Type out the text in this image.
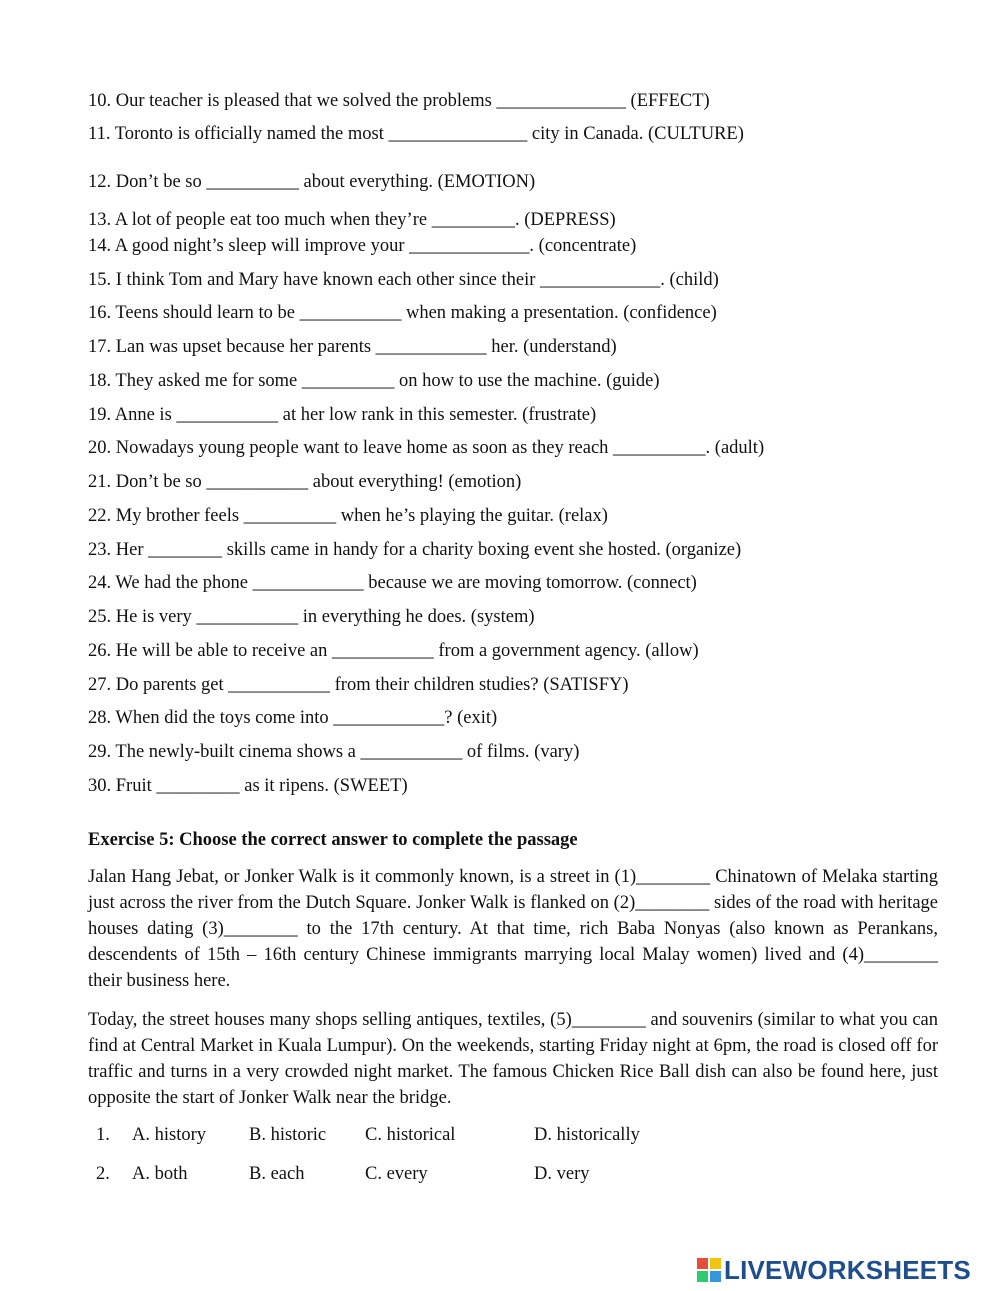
10. Our teacher is pleased that we solved the problems ______________ (EFFECT)
11. Toronto is officially named the most _______________ city in Canada. (CULTURE)
12. Don’t be so __________ about everything. (EMOTION)
13. A lot of people eat too much when they’re _________. (DEPRESS)
14. A good night’s sleep will improve your _____________. (concentrate)
15. I think Tom and Mary have known each other since their _____________. (child)
16. Teens should learn to be ___________ when making a presentation. (confidence)
17. Lan was upset because her parents ____________ her. (understand)
18. They asked me for some __________ on how to use the machine. (guide)
19. Anne is ___________ at her low rank in this semester. (frustrate)
20. Nowadays young people want to leave home as soon as they reach __________. (adult)
21. Don’t be so ___________ about everything! (emotion)
22. My brother feels __________ when he’s playing the guitar. (relax)
23. Her ________ skills came in handy for a charity boxing event she hosted. (organize)
24. We had the phone ____________ because we are moving tomorrow. (connect)
25. He is very ___________ in everything he does. (system)
26. He will be able to receive an ___________ from a government agency. (allow)
27. Do parents get ___________ from their children studies? (SATISFY)
28. When did the toys come into ____________? (exit)
29. The newly-built cinema shows a ___________ of films. (vary)
30. Fruit _________ as it ripens. (SWEET)
Exercise 5: Choose the correct answer to complete the passage
Jalan Hang Jebat, or Jonker Walk is it commonly known, is a street in (1)________ Chinatown of Melaka starting just across the river from the Dutch Square. Jonker Walk is flanked on (2)________ sides of the road with heritage houses dating (3)________ to the 17th century. At that time, rich Baba Nonyas (also known as Perankans, descendents of 15th – 16th century Chinese immigrants marrying local Malay women) lived and (4)________ their business here.
Today, the street houses many shops selling antiques, textiles, (5)________ and souvenirs (similar to what you can find at Central Market in Kuala Lumpur). On the weekends, starting Friday night at 6pm, the road is closed off for traffic and turns in a very crowded night market. The famous Chicken Rice Ball dish can also be found here, just opposite the start of Jonker Walk near the bridge.
1. A. history B. historic C. historical	D. historically
2. A. both	B. each	C. every	D. very
LIVEWORKSHEETS
